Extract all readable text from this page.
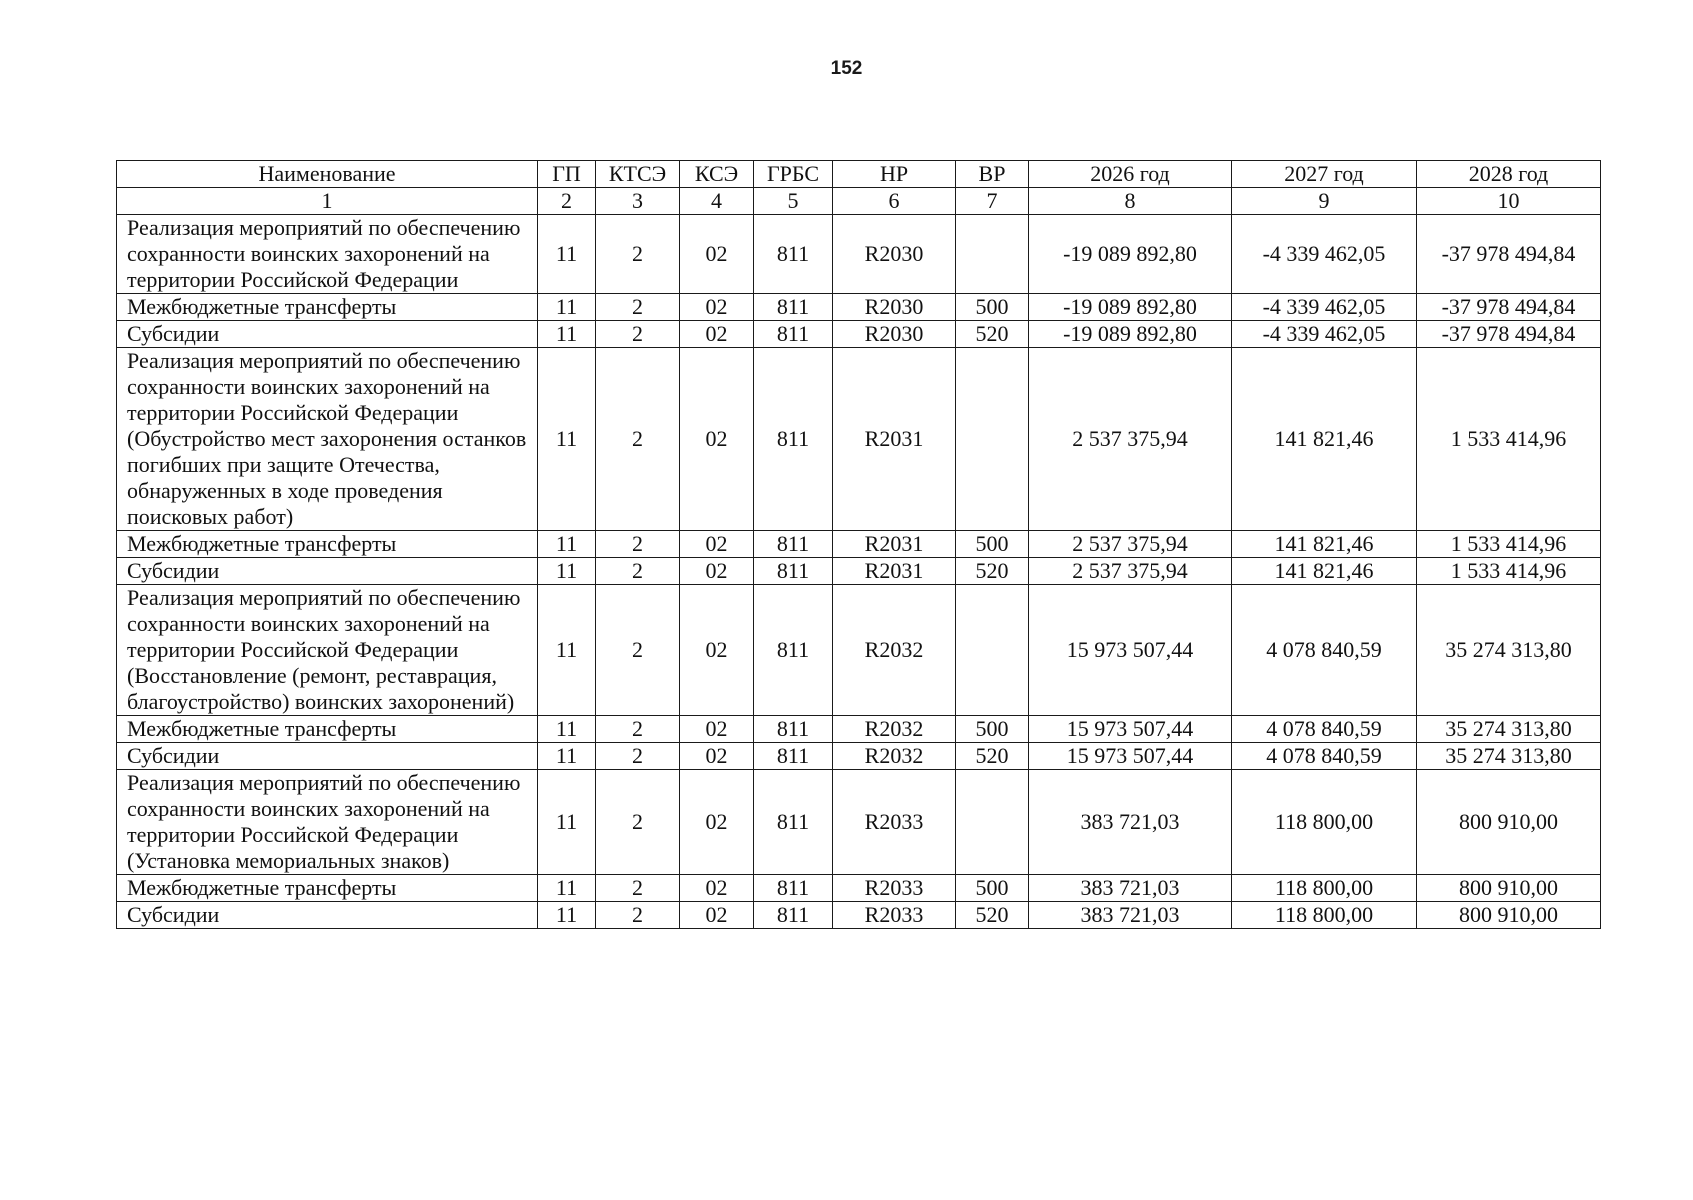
152
Наименование	ГП	КТСЭ	КСЭ	ГРБС	НР	ВР	2026 год	2027 год	2028 год
1	2	3	4	5	6	7	8	9	10
Реализация мероприятий по обеспечению сохранности воинских захоронений на территории Российской Федерации	11	2	02	811	R2030		-19 089 892,80	-4 339 462,05	-37 978 494,84
Межбюджетные трансферты	11	2	02	811	R2030	500	-19 089 892,80	-4 339 462,05	-37 978 494,84
Субсидии	11	2	02	811	R2030	520	-19 089 892,80	-4 339 462,05	-37 978 494,84
Реализация мероприятий по обеспечению сохранности воинских захоронений на территории Российской Федерации (Обустройство мест захоронения останков погибших при защите Отечества, обнаруженных в ходе проведения поисковых работ)	11	2	02	811	R2031		2 537 375,94	141 821,46	1 533 414,96
Межбюджетные трансферты	11	2	02	811	R2031	500	2 537 375,94	141 821,46	1 533 414,96
Субсидии	11	2	02	811	R2031	520	2 537 375,94	141 821,46	1 533 414,96
Реализация мероприятий по обеспечению сохранности воинских захоронений на территории Российской Федерации (Восстановление (ремонт, реставрация, благоустройство) воинских захоронений)	11	2	02	811	R2032		15 973 507,44	4 078 840,59	35 274 313,80
Межбюджетные трансферты	11	2	02	811	R2032	500	15 973 507,44	4 078 840,59	35 274 313,80
Субсидии	11	2	02	811	R2032	520	15 973 507,44	4 078 840,59	35 274 313,80
Реализация мероприятий по обеспечению сохранности воинских захоронений на территории Российской Федерации (Установка мемориальных знаков)	11	2	02	811	R2033		383 721,03	118 800,00	800 910,00
Межбюджетные трансферты	11	2	02	811	R2033	500	383 721,03	118 800,00	800 910,00
Субсидии	11	2	02	811	R2033	520	383 721,03	118 800,00	800 910,00
